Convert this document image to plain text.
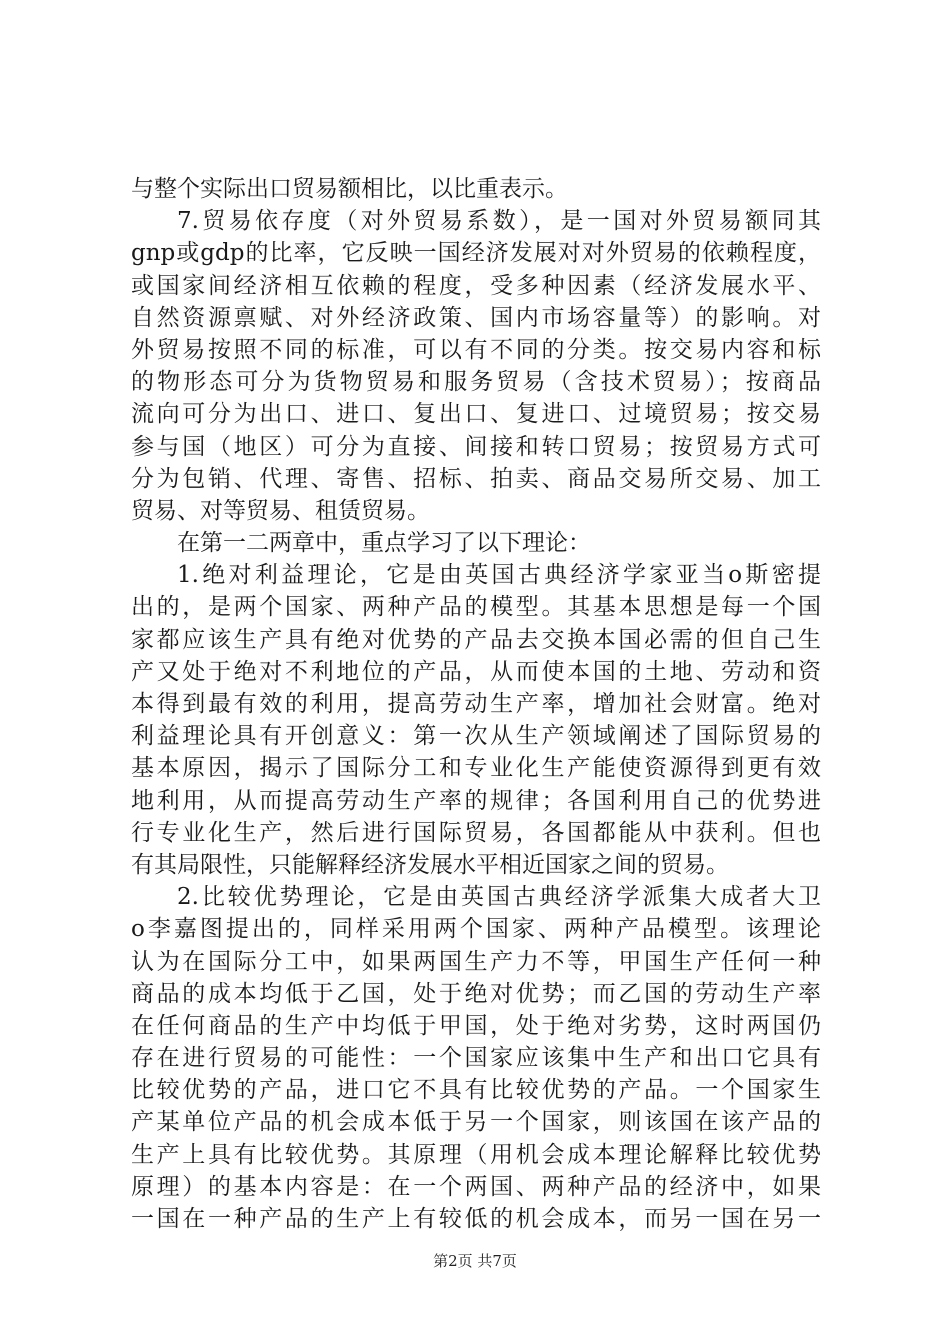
与整个实际出口贸易额相比，以比重表示。
7.贸易依存度（对外贸易系数），是一国对外贸易额同其
gnp或gdp的比率，它反映一国经济发展对对外贸易的依赖程度，
或国家间经济相互依赖的程度，受多种因素（经济发展水平、
自然资源禀赋、对外经济政策、国内市场容量等）的影响。对
外贸易按照不同的标准，可以有不同的分类。按交易内容和标
的物形态可分为货物贸易和服务贸易（含技术贸易）；按商品
流向可分为出口、进口、复出口、复进口、过境贸易；按交易
参与国（地区）可分为直接、间接和转口贸易；按贸易方式可
分为包销、代理、寄售、招标、拍卖、商品交易所交易、加工
贸易、对等贸易、租赁贸易。
在第一二两章中，重点学习了以下理论：
1.绝对利益理论，它是由英国古典经济学家亚当o斯密提
出的，是两个国家、两种产品的模型。其基本思想是每一个国
家都应该生产具有绝对优势的产品去交换本国必需的但自己生
产又处于绝对不利地位的产品，从而使本国的土地、劳动和资
本得到最有效的利用，提高劳动生产率，增加社会财富。绝对
利益理论具有开创意义：第一次从生产领域阐述了国际贸易的
基本原因，揭示了国际分工和专业化生产能使资源得到更有效
地利用，从而提高劳动生产率的规律；各国利用自己的优势进
行专业化生产，然后进行国际贸易，各国都能从中获利。但也
有其局限性，只能解释经济发展水平相近国家之间的贸易。
2.比较优势理论，它是由英国古典经济学派集大成者大卫
o李嘉图提出的，同样采用两个国家、两种产品模型。该理论
认为在国际分工中，如果两国生产力不等，甲国生产任何一种
商品的成本均低于乙国，处于绝对优势；而乙国的劳动生产率
在任何商品的生产中均低于甲国，处于绝对劣势，这时两国仍
存在进行贸易的可能性：一个国家应该集中生产和出口它具有
比较优势的产品，进口它不具有比较优势的产品。一个国家生
产某单位产品的机会成本低于另一个国家，则该国在该产品的
生产上具有比较优势。其原理（用机会成本理论解释比较优势
原理）的基本内容是：在一个两国、两种产品的经济中，如果
一国在一种产品的生产上有较低的机会成本，而另一国在另一
第2页 共7页
